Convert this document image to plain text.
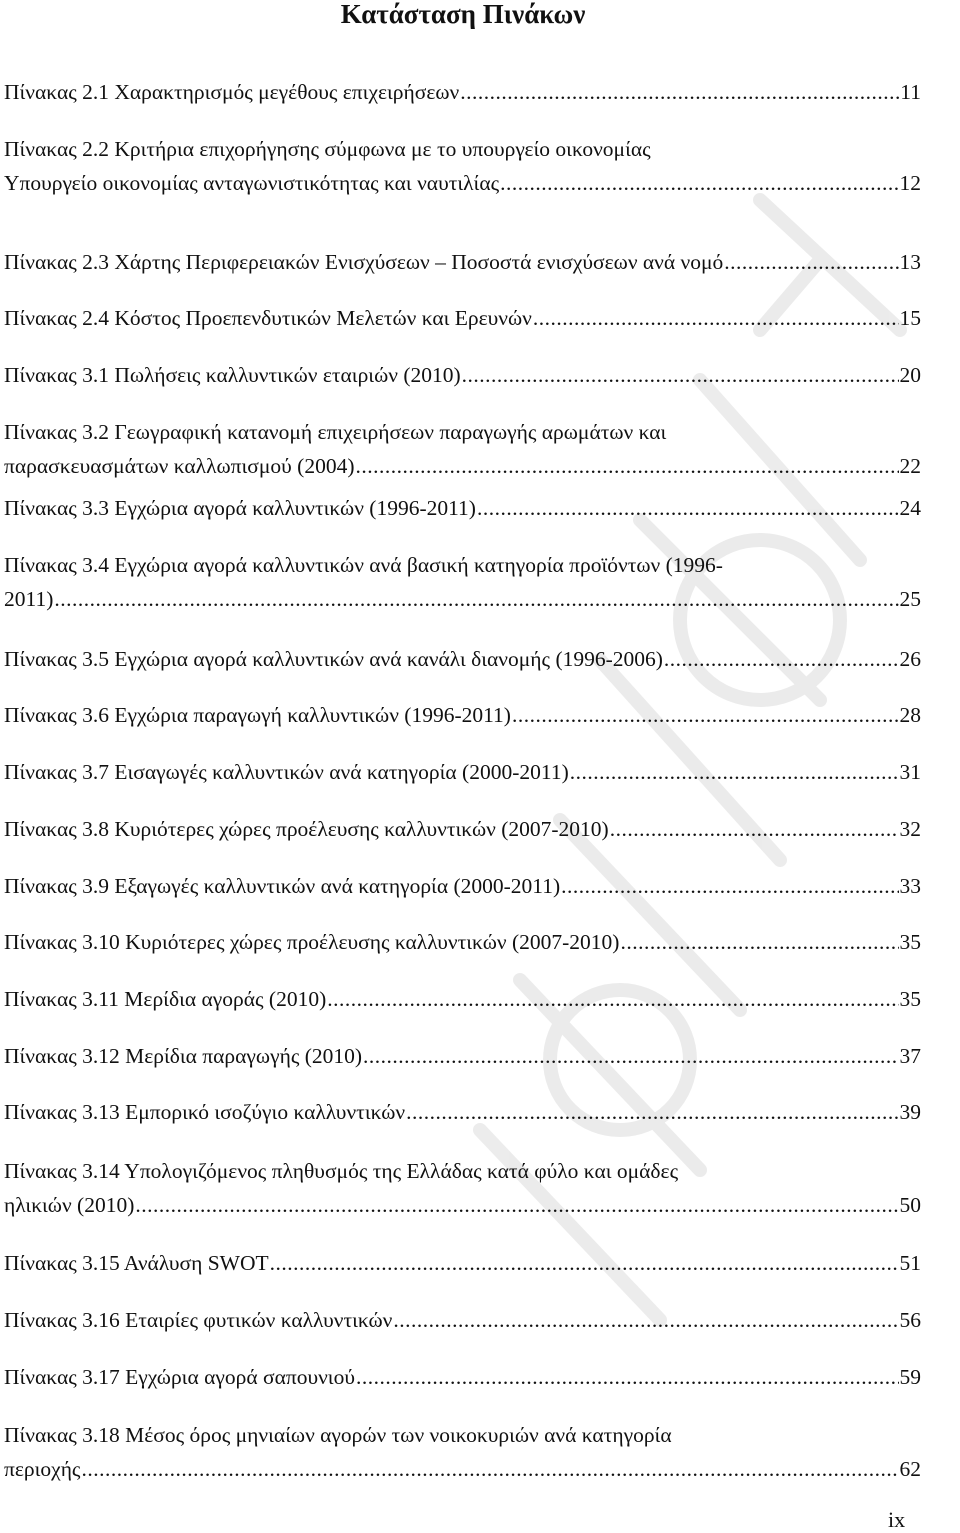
Κατάσταση Πινάκων
Πίνακας 2.1 Χαρακτηρισμός μεγέθους επιχειρήσεων .....	11
Πίνακας 2.2 Κριτήρια επιχορήγησης σύμφωνα με το υπουργείο οικονομίας
Υπουργείο οικονομίας ανταγωνιστικότητας και ναυτιλίας .....	12
Πίνακας 2.3 Χάρτης Περιφερειακών Ενισχύσεων – Ποσοστά ενισχύσεων ανά νομό .....	13
Πίνακας 2.4 Κόστος Προεπενδυτικών Μελετών και Ερευνών .....	15
Πίνακας 3.1 Πωλήσεις καλλυντικών εταιριών (2010) .....	20
Πίνακας 3.2 Γεωγραφική κατανομή επιχειρήσεων παραγωγής αρωμάτων και
παρασκευασμάτων καλλωπισμού (2004) .....	22
Πίνακας 3.3 Εγχώρια αγορά καλλυντικών (1996-2011) .....	24
Πίνακας 3.4 Εγχώρια αγορά καλλυντικών ανά βασική κατηγορία προϊόντων (1996-
2011) .....	25
Πίνακας 3.5 Εγχώρια αγορά καλλυντικών ανά κανάλι διανομής (1996-2006) .....	26
Πίνακας 3.6 Εγχώρια παραγωγή καλλυντικών (1996-2011) .....	28
Πίνακας 3.7 Εισαγωγές καλλυντικών ανά κατηγορία (2000-2011) .....	31
Πίνακας 3.8 Κυριότερες χώρες προέλευσης καλλυντικών (2007-2010) .....	32
Πίνακας 3.9 Εξαγωγές καλλυντικών ανά κατηγορία (2000-2011) .....	33
Πίνακας 3.10 Κυριότερες χώρες προέλευσης καλλυντικών (2007-2010) .....	35
Πίνακας 3.11 Μερίδια αγοράς (2010) .....	35
Πίνακας 3.12 Μερίδια παραγωγής (2010) .....	37
Πίνακας 3.13 Εμπορικό ισοζύγιο καλλυντικών .....	39
Πίνακας 3.14 Υπολογιζόμενος πληθυσμός της Ελλάδας κατά φύλο και ομάδες
ηλικιών (2010) .....	50
Πίνακας 3.15 Ανάλυση SWOT .....	51
Πίνακας 3.16 Εταιρίες φυτικών καλλυντικών .....	56
Πίνακας 3.17 Εγχώρια αγορά σαπουνιού .....	59
Πίνακας 3.18 Μέσος όρος μηνιαίων αγορών των νοικοκυριών ανά κατηγορία
περιοχής .....	62
ix
